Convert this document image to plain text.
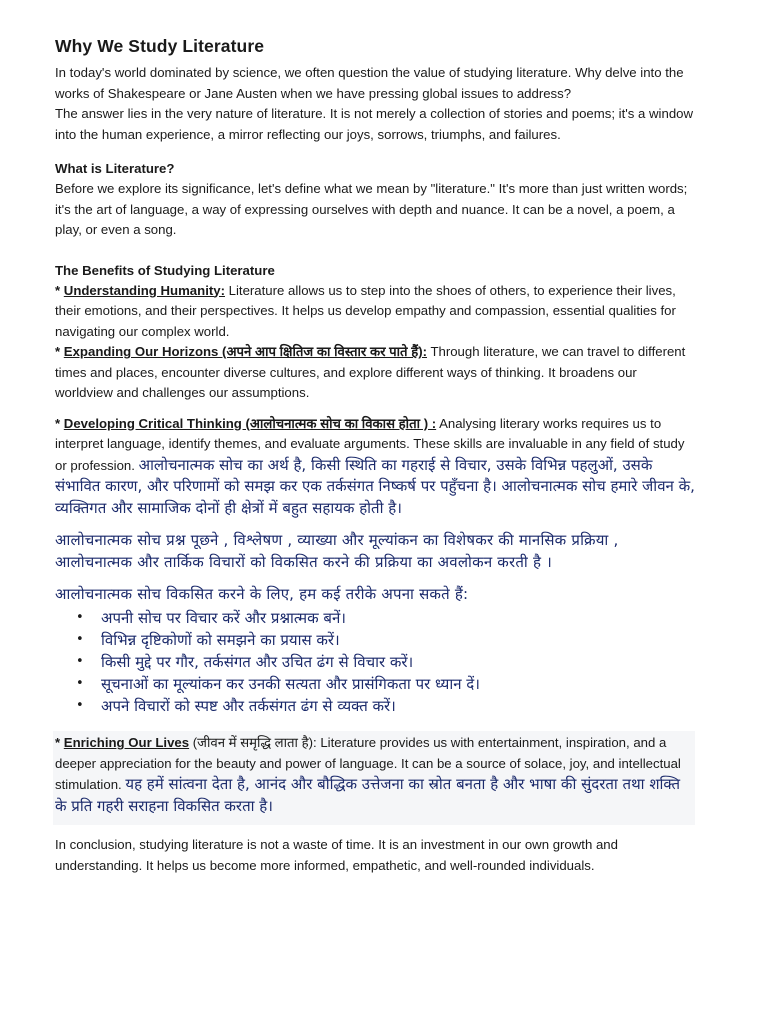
Why We Study Literature

In today's world dominated by science, we often question the value of studying literature. Why delve into the works of Shakespeare or Jane Austen when we have pressing global issues to address?

The answer lies in the very nature of literature. It is not merely a collection of stories and poems; it's a window into the human experience, a mirror reflecting our joys, sorrows, triumphs, and failures.

What is Literature?

Before we explore its significance, let's define what we mean by "literature." It's more than just written words; it's the art of language, a way of expressing ourselves with depth and nuance. It can be a novel, a poem, a play, or even a song.

The Benefits of Studying Literature

* Understanding Humanity: Literature allows us to step into the shoes of others, to experience their lives, their emotions, and their perspectives. It helps us develop empathy and compassion, essential qualities for navigating our complex world.

* Expanding Our Horizons (अपने आप क्षितिज का विस्तार कर पाते हैं): Through literature, we can travel to different times and places, encounter diverse cultures, and explore different ways of thinking. It broadens our worldview and challenges our assumptions.

* Developing Critical Thinking (आलोचनात्मक सोच का विकास होता ) : Analysing literary works requires us to interpret language, identify themes, and evaluate arguments. These skills are invaluable in any field of study or profession. आलोचनात्मक सोच का अर्थ है, किसी स्थिति का गहराई से विचार, उसके विभिन्न पहलुओं, उसके संभावित कारण, और परिणामों को समझ कर एक तर्कसंगत निष्कर्ष पर पहुँचना है। आलोचनात्मक सोच हमारे जीवन के, व्यक्तिगत और सामाजिक दोनों ही क्षेत्रों में बहुत सहायक होती है।

आलोचनात्मक सोच प्रश्न पूछने , विश्लेषण , व्याख्या और मूल्यांकन का विशेषकर की मानसिक प्रक्रिया , आलोचनात्मक और तार्किक विचारों को विकसित करने की प्रक्रिया का अवलोकन करती है ।

आलोचनात्मक सोच विकसित करने के लिए, हम कई तरीके अपना सकते हैं:

• अपनी सोच पर विचार करें और प्रश्नात्मक बनें।
• विभिन्न दृष्टिकोणों को समझने का प्रयास करें।
• किसी मुद्दे पर गौर, तर्कसंगत और उचित ढंग से विचार करें।
• सूचनाओं का मूल्यांकन कर उनकी सत्यता और प्रासंगिकता पर ध्यान दें।
• अपने विचारों को स्पष्ट और तर्कसंगत ढंग से व्यक्त करें।

* Enriching Our Lives (जीवन में समृद्धि लाता है): Literature provides us with entertainment, inspiration, and a deeper appreciation for the beauty and power of language. It can be a source of solace, joy, and intellectual stimulation. यह हमें सांत्वना देता है, आनंद और बौद्धिक उत्तेजना का स्रोत बनता है और भाषा की सुंदरता तथा शक्ति के प्रति गहरी सराहना विकसित करता है।

In conclusion, studying literature is not a waste of time. It is an investment in our own growth and understanding. It helps us become more informed, empathetic, and well-rounded individuals.
